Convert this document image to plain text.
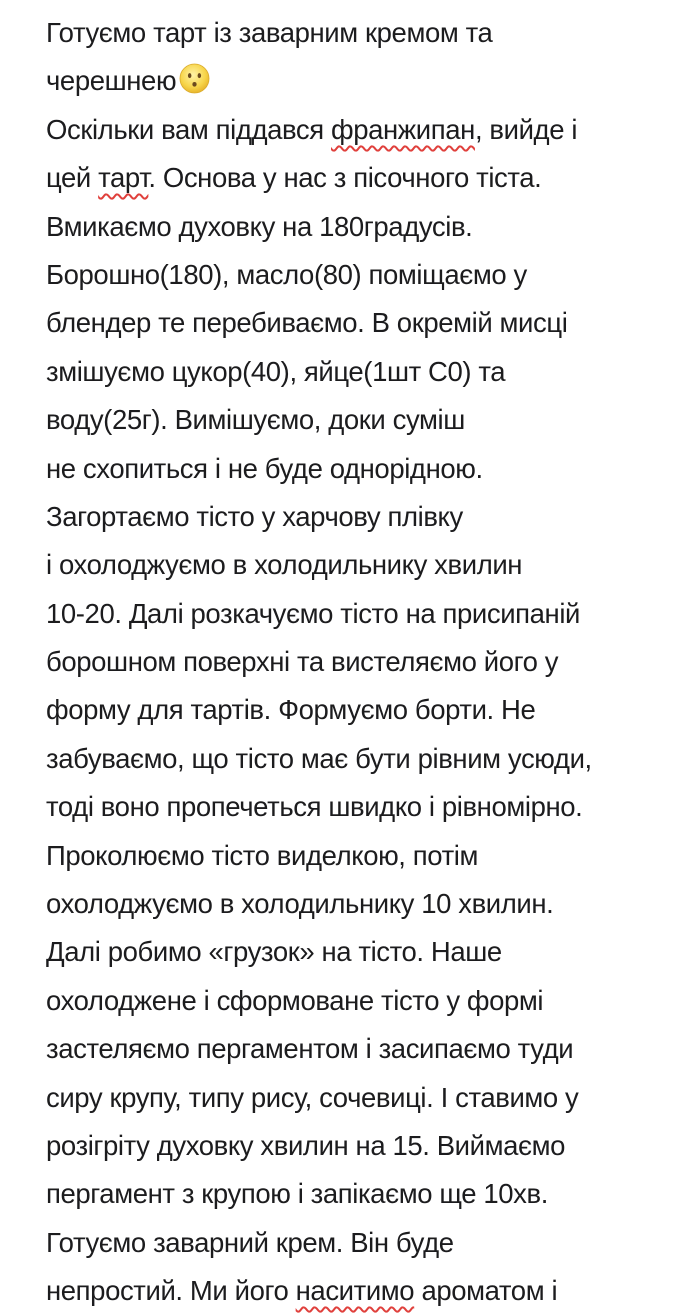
Готуємо тарт із заварним кремом та
черешнею
Оскільки вам піддався франжипан, вийде і
цей тарт. Основа у нас з пісочного тіста.
Вмикаємо духовку на 180градусів.
Борошно(180), масло(80) поміщаємо у
блендер те перебиваємо. В окремій мисці
змішуємо цукор(40), яйце(1шт С0) та
воду(25г). Вимішуємо, доки суміш
не схопиться і не буде однорідною.
Загортаємо тісто у харчову плівку
і охолоджуємо в холодильнику хвилин
10-20. Далі розкачуємо тісто на присипаній
борошном поверхні та вистеляємо його у
форму для тартів. Формуємо борти. Не
забуваємо, що тісто має бути рівним усюди,
тоді воно пропечеться швидко і рівномірно.
Проколюємо тісто виделкою, потім
охолоджуємо в холодильнику 10 хвилин.
Далі робимо «грузок» на тісто. Наше
охолоджене і сформоване тісто у формі
застеляємо пергаментом і засипаємо туди
сиру крупу, типу рису, сочевиці. І ставимо у
розігріту духовку хвилин на 15. Виймаємо
пергамент з крупою і запікаємо ще 10хв.
Готуємо заварний крем. Він буде
непростий. Ми його наситимо ароматом і
